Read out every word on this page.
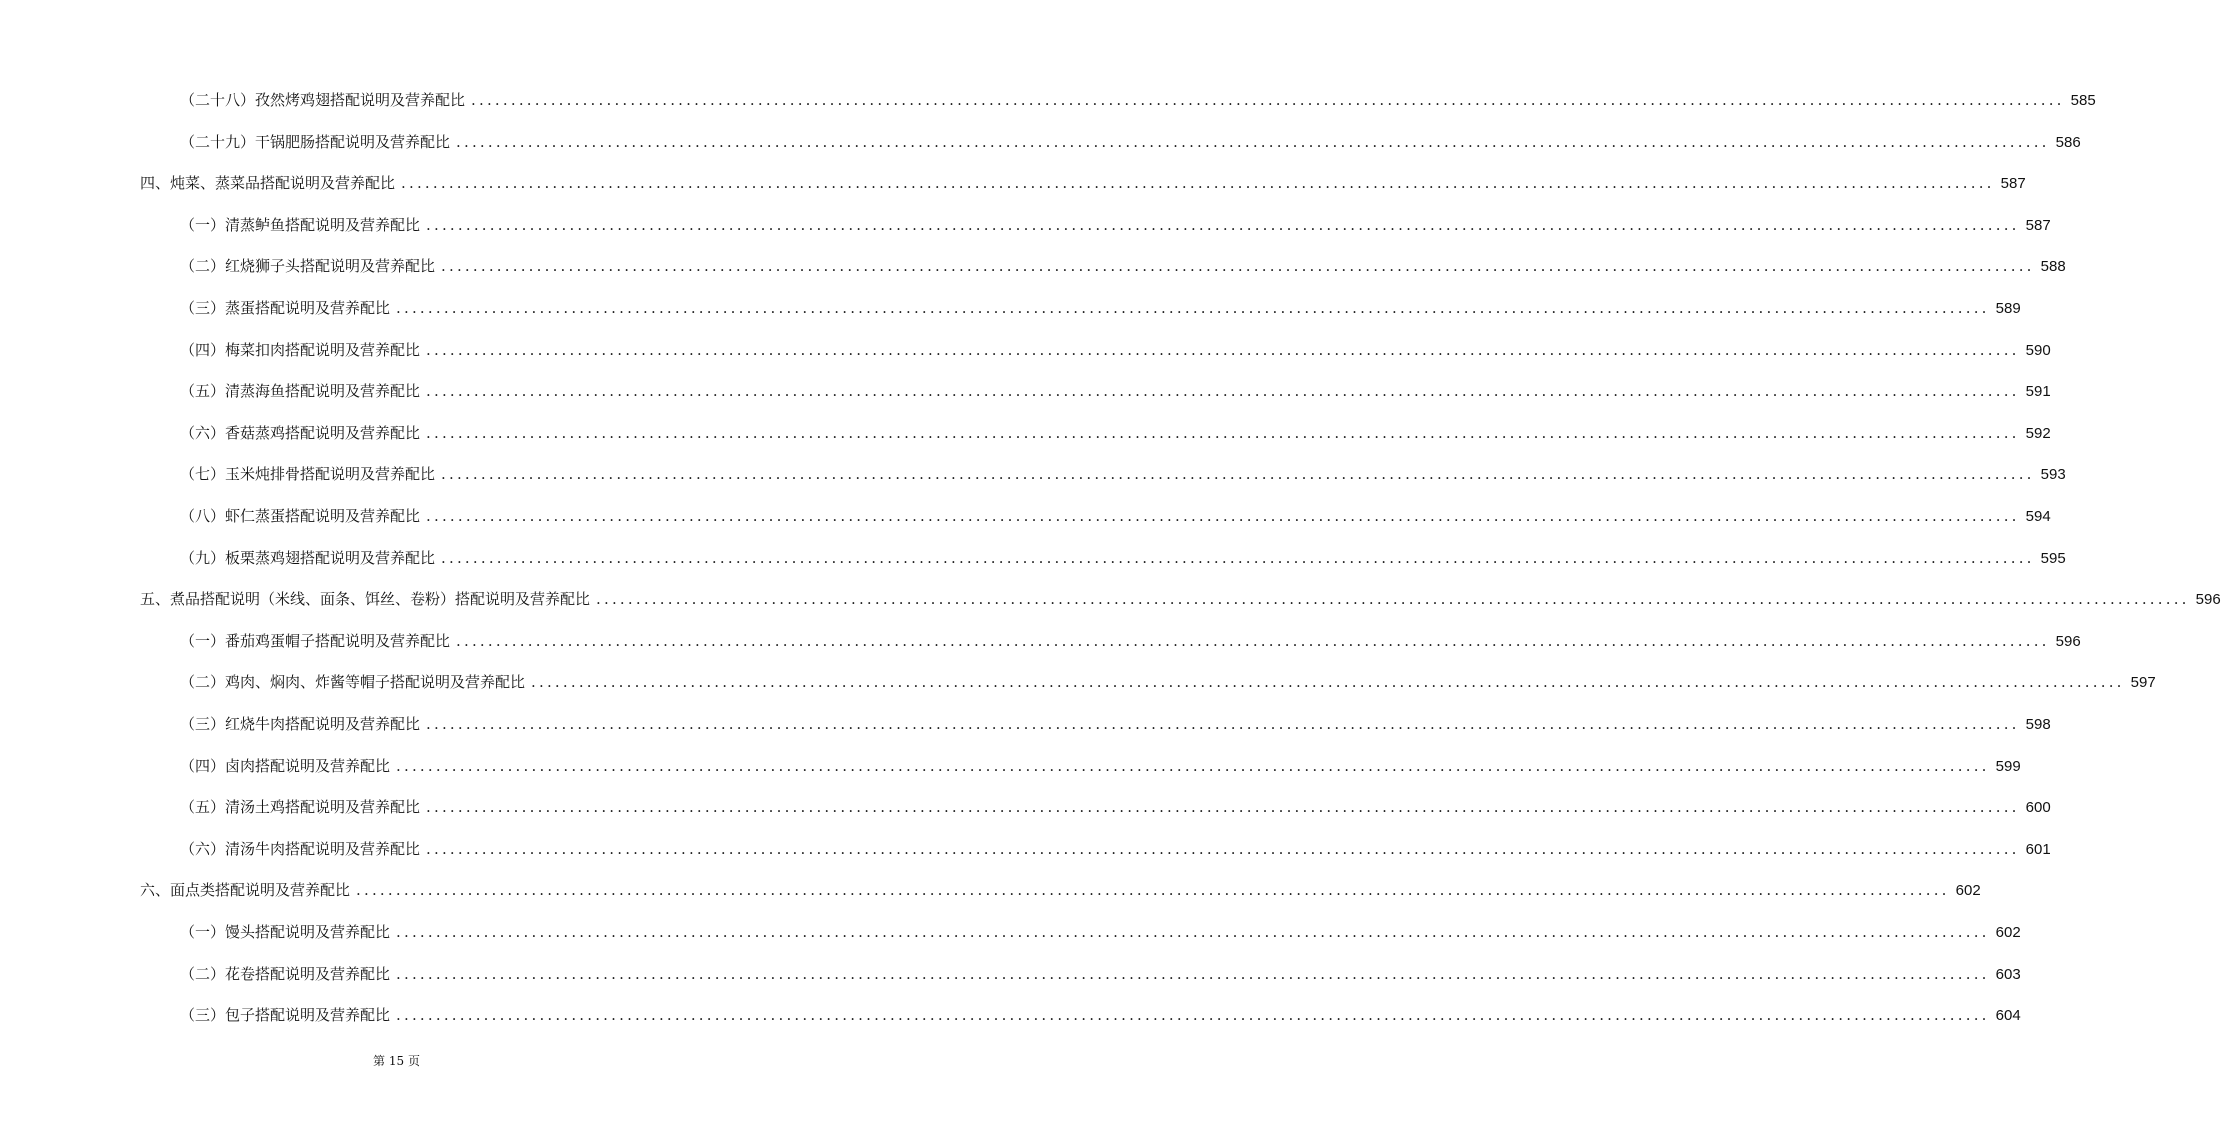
（二十八）孜然烤鸡翅搭配说明及营养配比 ........................................................................................................................................................................................................ 585
（二十九）干锅肥肠搭配说明及营养配比 ........................................................................................................................................................................................................ 586
四、炖菜、蒸菜品搭配说明及营养配比 ........................................................................................................................................................................................................ 587
（一）清蒸鲈鱼搭配说明及营养配比 ........................................................................................................................................................................................................ 587
（二）红烧狮子头搭配说明及营养配比 ........................................................................................................................................................................................................ 588
（三）蒸蛋搭配说明及营养配比 ........................................................................................................................................................................................................ 589
（四）梅菜扣肉搭配说明及营养配比 ........................................................................................................................................................................................................ 590
（五）清蒸海鱼搭配说明及营养配比 ........................................................................................................................................................................................................ 591
（六）香菇蒸鸡搭配说明及营养配比 ........................................................................................................................................................................................................ 592
（七）玉米炖排骨搭配说明及营养配比 ........................................................................................................................................................................................................ 593
（八）虾仁蒸蛋搭配说明及营养配比 ........................................................................................................................................................................................................ 594
（九）板栗蒸鸡翅搭配说明及营养配比 ........................................................................................................................................................................................................ 595
五、煮品搭配说明（米线、面条、饵丝、卷粉）搭配说明及营养配比 ........................................................................................................................................................................................................ 596
（一）番茄鸡蛋帽子搭配说明及营养配比 ........................................................................................................................................................................................................ 596
（二）鸡肉、焖肉、炸酱等帽子搭配说明及营养配比 ........................................................................................................................................................................................................ 597
（三）红烧牛肉搭配说明及营养配比 ........................................................................................................................................................................................................ 598
（四）卤肉搭配说明及营养配比 ........................................................................................................................................................................................................ 599
（五）清汤土鸡搭配说明及营养配比 ........................................................................................................................................................................................................ 600
（六）清汤牛肉搭配说明及营养配比 ........................................................................................................................................................................................................ 601
六、面点类搭配说明及营养配比 ........................................................................................................................................................................................................ 602
（一）馒头搭配说明及营养配比 ........................................................................................................................................................................................................ 602
（二）花卷搭配说明及营养配比 ........................................................................................................................................................................................................ 603
（三）包子搭配说明及营养配比 ........................................................................................................................................................................................................ 604
第 15 页
